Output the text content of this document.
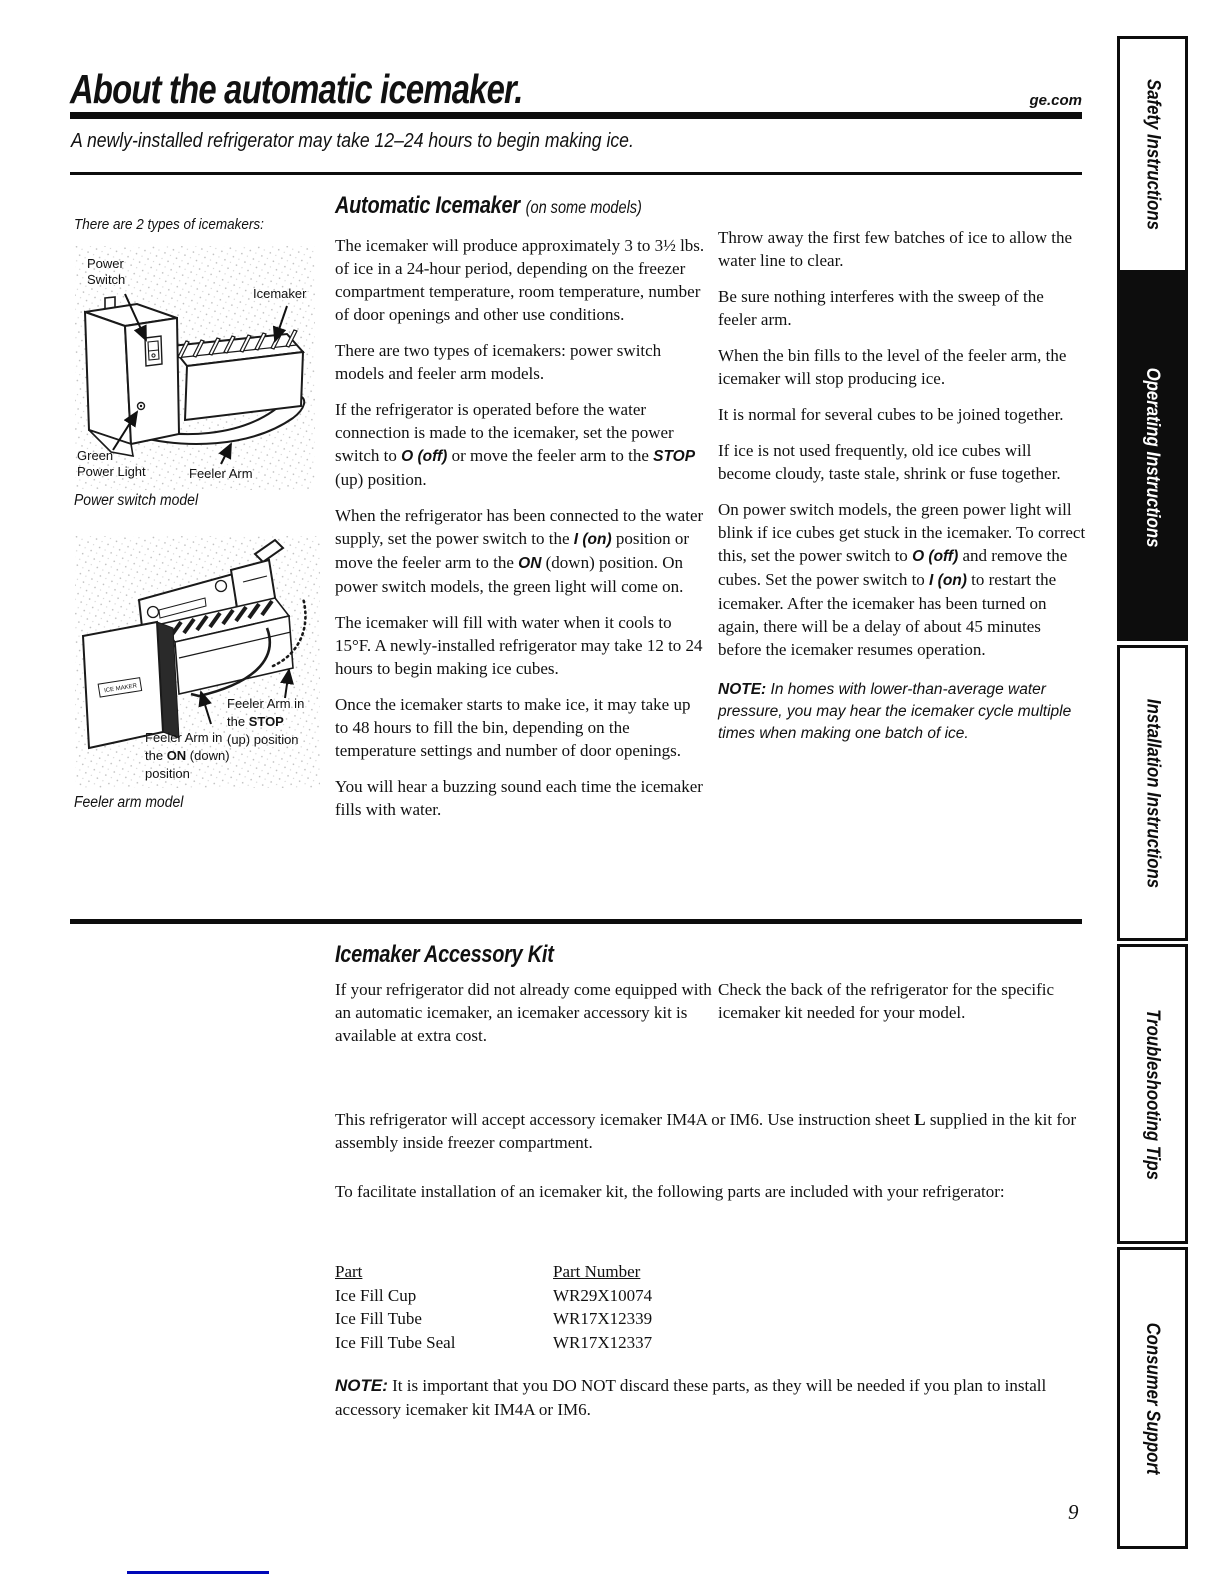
About the automatic icemaker.	ge.com
A newly-installed refrigerator may take 12–24 hours to begin making ice.
There are 2 types of icemakers:
Power
Switch
Icemaker
Green
Power Light	Feeler Arm
Power switch model
ICE MAKER
Feeler Arm in
the STOP
(up) position
Feeler Arm in
the ON (down)
position
Feeler arm model
Automatic Icemaker (on some models)

The icemaker will produce approximately 3 to 3½ lbs. of ice in a 24-hour period, depending on the freezer compartment temperature, room temperature, number of door openings and other use conditions.

There are two types of icemakers: power switch models and feeler arm models.

If the refrigerator is operated before the water connection is made to the icemaker, set the power switch to O (off) or move the feeler arm to the STOP (up) position.

When the refrigerator has been connected to the water supply, set the power switch to the I (on) position or move the feeler arm to the ON (down) position. On power switch models, the green light will come on.

The icemaker will fill with water when it cools to 15°F. A newly-installed refrigerator may take 12 to 24 hours to begin making ice cubes.

Once the icemaker starts to make ice, it may take up to 48 hours to fill the bin, depending on the temperature settings and number of door openings.

You will hear a buzzing sound each time the icemaker fills with water.

Throw away the first few batches of ice to allow the water line to clear.

Be sure nothing interferes with the sweep of the feeler arm.

When the bin fills to the level of the feeler arm, the icemaker will stop producing ice.

It is normal for several cubes to be joined together.

If ice is not used frequently, old ice cubes will become cloudy, taste stale, shrink or fuse together.

On power switch models, the green power light will blink if ice cubes get stuck in the icemaker. To correct this, set the power switch to O (off) and remove the cubes. Set the power switch to I (on) to restart the icemaker. After the icemaker has been turned on again, there will be a delay of about 45 minutes before the icemaker resumes operation.

NOTE: In homes with lower-than-average water pressure, you may hear the icemaker cycle multiple times when making one batch of ice.

Icemaker Accessory Kit

If your refrigerator did not already come equipped with an automatic icemaker, an icemaker accessory kit is available at extra cost.

Check the back of the refrigerator for the specific icemaker kit needed for your model.

This refrigerator will accept accessory icemaker IM4A or IM6. Use instruction sheet L supplied in the kit for assembly inside freezer compartment.

To facilitate installation of an icemaker kit, the following parts are included with your refrigerator:

Part	Part Number
Ice Fill Cup	WR29X10074
Ice Fill Tube	WR17X12339
Ice Fill Tube Seal	WR17X12337

NOTE: It is important that you DO NOT discard these parts, as they will be needed if you plan to install accessory icemaker kit IM4A or IM6.

Safety Instructions
Operating Instructions
Installation Instructions
Troubleshooting Tips
Consumer Support
9
